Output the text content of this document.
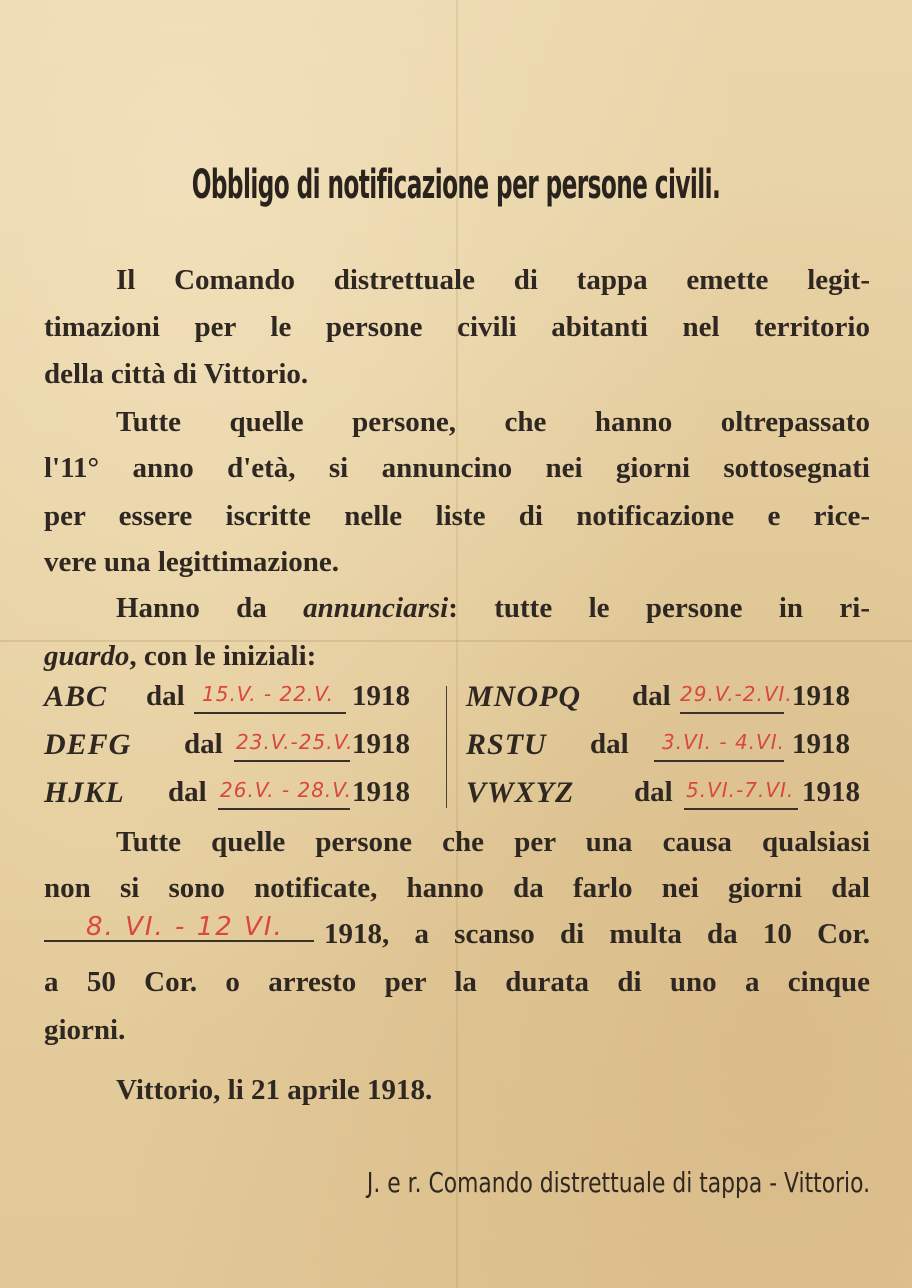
Obbligo di notificazione per persone civili.
Il Comando distrettuale di tappa emette legit-
timazioni per le persone civili abitanti nel territorio
della città di Vittorio.
Tutte quelle persone, che hanno oltrepassato
l'11° anno d'età, si annuncino nei giorni sottosegnati
per essere iscritte nelle liste di notificazione e rice-
vere una legittimazione.
Hanno da annunciarsi: tutte le persone in ri-
guardo, con le iniziali:
ABC dal 15.V. - 22.V. 1918
DEFG dal 23.V.-25.V.
1918
HJKL dal 26.V. - 28.V. 1918
MNOPQ dal 29.V.-2.VI. 1918
RSTU dal 3.VI. - 4.VI. 1918
VWXYZ dal 5.VI.-7.VI. 1918
Tutte quelle persone che per una causa qualsiasi
non si sono notificate, hanno da farlo nei giorni dal
8. VI. - 12 VI. 1918, a scanso di multa da 10 Cor.
a 50 Cor. o arresto per la durata di uno a cinque
giorni.
Vittorio, li 21 aprile 1918.
J. e r. Comando distrettuale di tappa - Vittorio.
